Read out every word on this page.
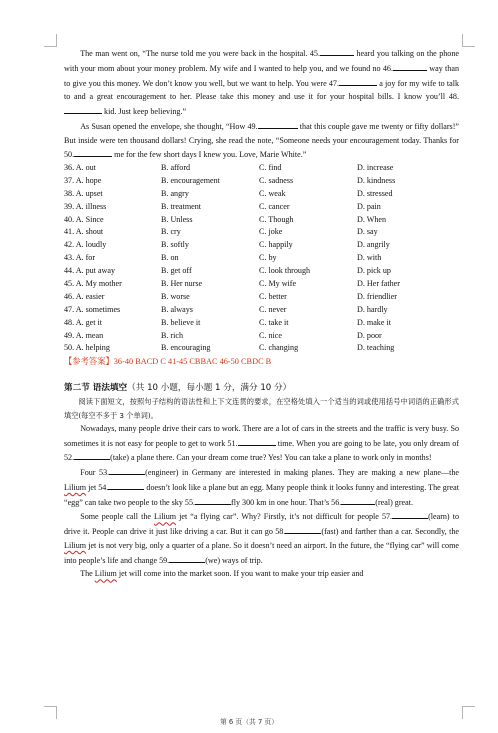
The man went on, “The nurse told me you were back in the hospital. 45.	heard you talking on the phone with your mom about your money problem. My wife and I wanted to help you, and we found no 46.	way than to give you this money. We don’t know you well, but we want to help. You were 47.	a joy for my wife to talk to and a great encouragement to her. Please take this money and use it for your hospital bills. I know you’ll 48. kid. Just keep believing.”

As Susan opened the envelope, she thought, “How 49.	that this couple gave me twenty or fifty dollars!” But inside were ten thousand dollars! Crying, she read the note, “Someone needs your encouragement today. Thanks for 50.	me for the few short days I knew you. Love, Marie White.”

36. A. out	B. afford	C. find	D. increase
37. A. hope	B. encouragement	C. sadness	D. kindness
38. A. upset	B. angry	C. weak	D. stressed
39. A. illness	B. treatment	C. cancer	D. pain
40. A. Since	B. Unless	C. Though	D. When
41. A. shout	B. cry	C. joke	D. say
42. A. loudly	B. softly	C. happily	D. angrily
43. A. for	B. on	C. by	D. with
44. A. put away	B. get off	C. look through	D. pick up
45. A. My mother	B. Her nurse	C. My wife	D. Her father
46. A. easier	B. worse	C. better	D. friendlier
47. A. sometimes	B. always	C. never	D. hardly
48. A. get it	B. believe it	C. take it	D. make it
49. A. mean	B. rich	C. nice	D. poor
50. A. helping	B. encouraging	C. changing	D. teaching
【参考答案】36-40 BACD C 41-45 CBBAC 46-50 CBDC B
第二节 语法填空（共 10 小题，每小题 1 分，满分 10 分）

阅读下面短文，按照句子结构的语法性和上下文连贯的要求，在空格处填入一个适当的词或使用括号中词语的正确形式填空(每空不多于 3 个单词)。

Nowadays, many people drive their cars to work. There are a lot of cars in the streets and the traffic is very busy. So sometimes it is not easy for people to get to work 51.	time. When you are going to be late, you only dream of 52.	(take) a plane there. Can your dream come true? Yes! You can take a plane to work only in months!

Four 53.	(engineer) in Germany are interested in making planes. They are making a new plane—the Lilium jet 54.	doesn’t look like a plane but an egg. Many people think it looks funny and interesting. The great “egg” can take two people to the sky 55.	fly 300 km in one hour. That’s 56.	(real) great.

Some people call the Lilium jet “a flying car”. Why? Firstly, it’s not difficult for people 57.	(learn) to drive it. People can drive it just like driving a car. But it can go 58.	(fast) and farther than a car. Secondly, the Lilium jet is not very big, only a quarter of a plane. So it doesn’t need an airport. In the future, the “flying car” will come into people’s life and change 59.	(we) ways of trip.

The Lilium jet will come into the market soon. If you want to make your trip easier and

第 6 页（共 7 页）
